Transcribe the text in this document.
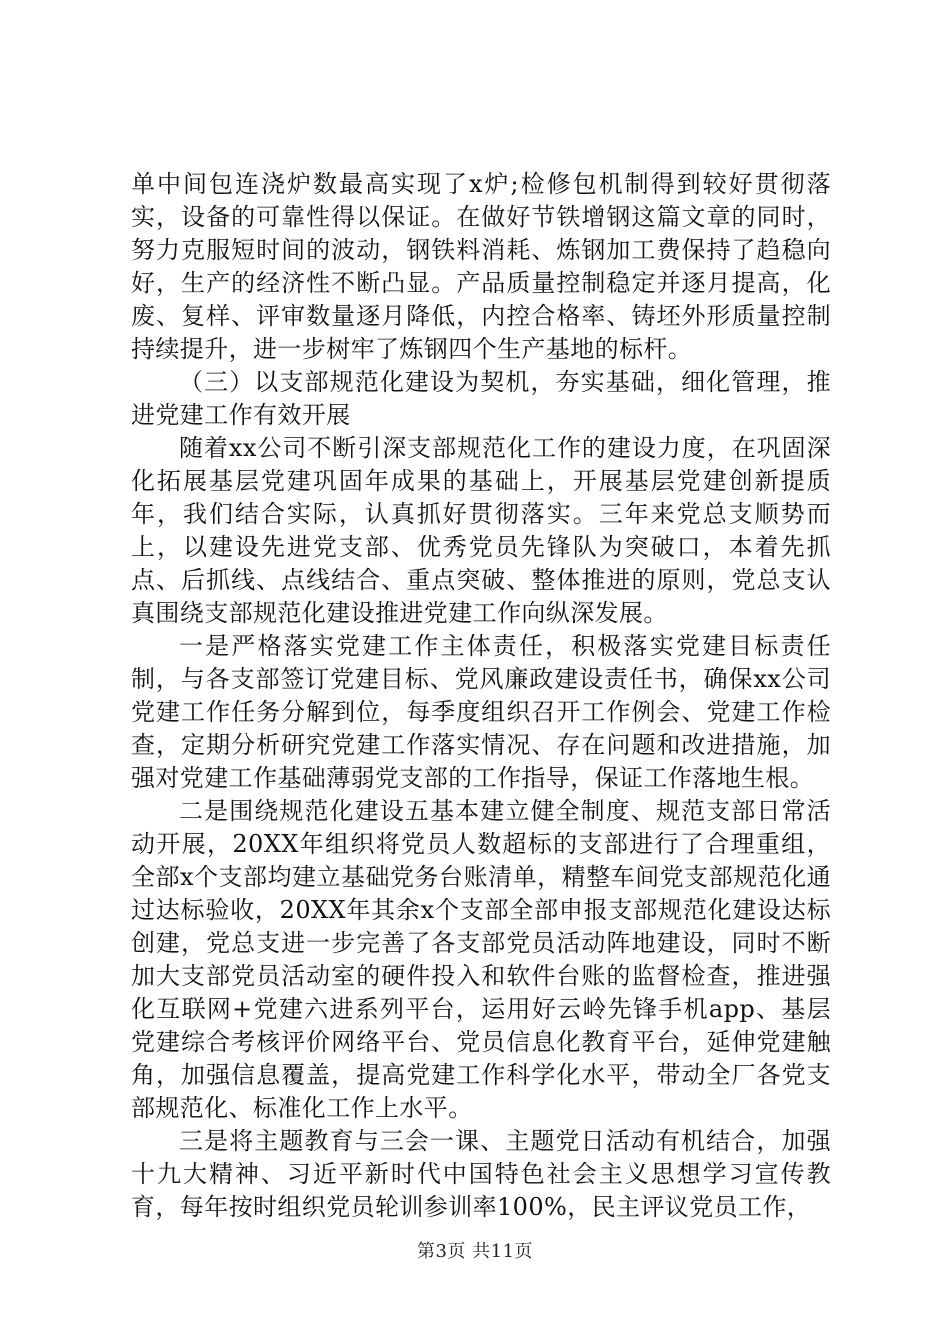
单中间包连浇炉数最高实现了x炉;检修包机制得到较好贯彻落实，设备的可靠性得以保证。在做好节铁增钢这篇文章的同时，努力克服短时间的波动，钢铁料消耗、炼钢加工费保持了趋稳向好，生产的经济性不断凸显。产品质量控制稳定并逐月提高，化废、复样、评审数量逐月降低，内控合格率、铸坯外形质量控制持续提升，进一步树牢了炼钢四个生产基地的标杆。

（三）以支部规范化建设为契机，夯实基础，细化管理，推进党建工作有效开展

随着xx公司不断引深支部规范化工作的建设力度，在巩固深化拓展基层党建巩固年成果的基础上，开展基层党建创新提质年，我们结合实际，认真抓好贯彻落实。三年来党总支顺势而上，以建设先进党支部、优秀党员先锋队为突破口，本着先抓点、后抓线、点线结合、重点突破、整体推进的原则，党总支认真围绕支部规范化建设推进党建工作向纵深发展。

一是严格落实党建工作主体责任，积极落实党建目标责任制，与各支部签订党建目标、党风廉政建设责任书，确保xx公司党建工作任务分解到位，每季度组织召开工作例会、党建工作检查，定期分析研究党建工作落实情况、存在问题和改进措施，加强对党建工作基础薄弱党支部的工作指导，保证工作落地生根。

二是围绕规范化建设五基本建立健全制度、规范支部日常活动开展，20XX年组织将党员人数超标的支部进行了合理重组，全部x个支部均建立基础党务台账清单，精整车间党支部规范化通过达标验收，20XX年其余x个支部全部申报支部规范化建设达标创建，党总支进一步完善了各支部党员活动阵地建设，同时不断加大支部党员活动室的硬件投入和软件台账的监督检查，推进强化互联网+党建六进系列平台，运用好云岭先锋手机app、基层党建综合考核评价网络平台、党员信息化教育平台，延伸党建触角，加强信息覆盖，提高党建工作科学化水平，带动全厂各党支部规范化、标准化工作上水平。

三是将主题教育与三会一课、主题党日活动有机结合，加强十九大精神、习近平新时代中国特色社会主义思想学习宣传教育，每年按时组织党员轮训参训率100%，民主评议党员工作，

第3页 共11页
